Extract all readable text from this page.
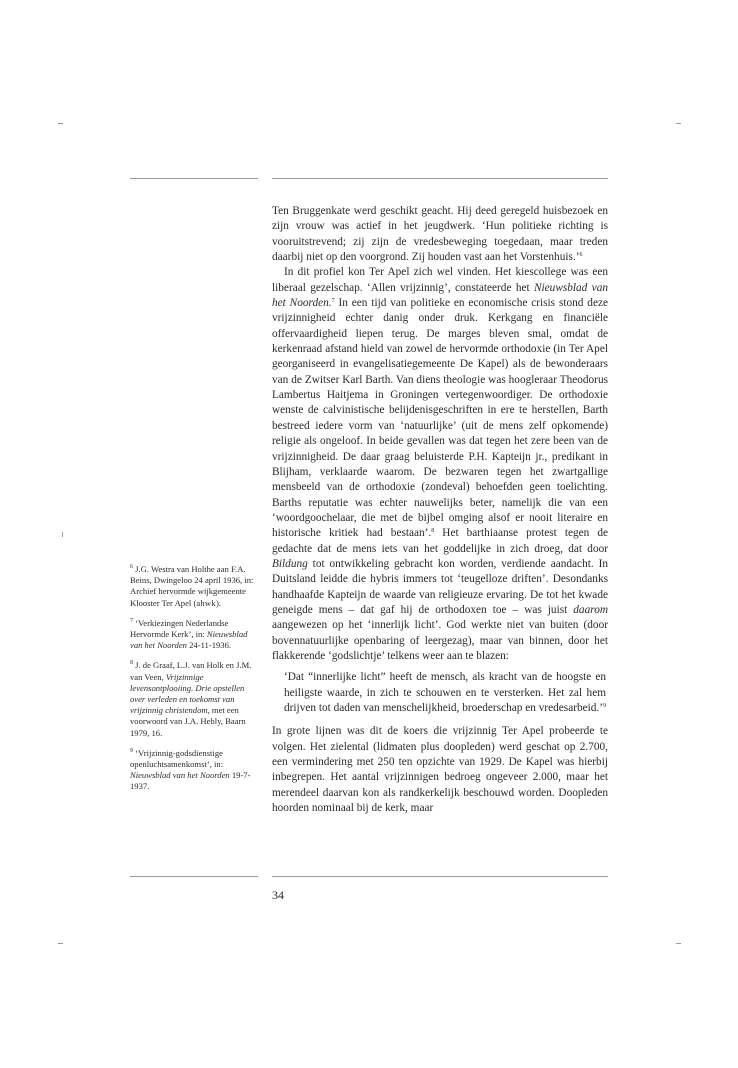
Ten Bruggenkate werd geschikt geacht. Hij deed geregeld huisbezoek en zijn vrouw was actief in het jeugdwerk. ‘Hun politieke richting is vooruitstrevend; zij zijn de vredesbeweging toegedaan, maar treden daarbij niet op den voorgrond. Zij houden vast aan het Vorstenhuis.’$^6$

In dit profiel kon Ter Apel zich wel vinden. Het kiescollege was een liberaal gezelschap. ‘Allen vrijzinnig’, constateerde het Nieuwsblad van het Noorden.$^7$ In een tijd van politieke en economische crisis stond deze vrijzinnigheid echter danig onder druk. Kerkgang en financiële offervaardigheid liepen terug. De marges bleven smal, omdat de kerkenraad afstand hield van zowel de hervormde orthodoxie (in Ter Apel georganiseerd in evangelisatiegemeente De Kapel) als de bewonderaars van de Zwitser Karl Barth. Van diens theologie was hoogleraar Theodorus Lambertus Haitjema in Groningen vertegenwoordiger. De orthodoxie wenste de calvinistische belijdenisgeschriften in ere te herstellen, Barth bestreed iedere vorm van ‘natuurlijke’ (uit de mens zelf opkomende) religie als ongeloof. In beide gevallen was dat tegen het zere been van de vrijzinnigheid. De daar graag beluisterde P.H. Kapteijn jr., predikant in Blijham, verklaarde waarom. De bezwaren tegen het zwartgallige mensbeeld van de orthodoxie (zondeval) behoefden geen toelichting. Barths reputatie was echter nauwelijks beter, namelijk die van een ‘woordgoochelaar, die met de bijbel omging alsof er nooit literaire en historische kritiek had bestaan’.$^8$ Het barthiaanse protest tegen de gedachte dat de mens iets van het goddelijke in zich droeg, dat door Bildung tot ontwikkeling gebracht kon worden, verdiende aandacht. In Duitsland leidde die hybris immers tot ‘teugelloze driften’. Desondanks handhaafde Kapteijn de waarde van religieuze ervaring. De tot het kwade geneigde mens – dat gaf hij de orthodoxen toe – was juist daarom aangewezen op het ‘innerlijk licht’. God werkte niet van buiten (door bovennatuurlijke openbaring of leergezag), maar van binnen, door het flakkerende ‘godslichtje’ telkens weer aan te blazen:

‘Dat “innerlijke licht” heeft de mensch, als kracht van de hoogste en heiligste waarde, in zich te schouwen en te versterken. Het zal hem drijven tot daden van menschelijkheid, broederschap en vredesarbeid.’$^9$

In grote lijnen was dit de koers die vrijzinnig Ter Apel probeerde te volgen. Het zielental (lidmaten plus doopleden) werd geschat op 2.700, een vermindering met 250 ten opzichte van 1929. De Kapel was hierbij inbegrepen. Het aantal vrijzinnigen bedroeg ongeveer 2.000, maar het merendeel daarvan kon als randkerkelijk beschouwd worden. Doopleden hoorden nominaal bij de kerk, maar

$^6$ J.G. Westra van Holthe aan F.A. Beins, Dwingeloo 24 april 1936, in: Archief hervormde wijkgemeente Klooster Ter Apel (ahwk).

$^7$ ‘Verkiezingen Nederlandse Hervormde Kerk’, in: Nieuwsblad van het Noorden 24-11-1936.

$^8$ J. de Graaf, L.J. van Holk en J.M. van Veen, Vrijzinnige levensontplooiing. Drie opstellen over verleden en toekomst van vrijzinnig christendom, met een voorwoord van J.A. Hebly, Baarn 1979, 16.

$^9$ ‘Vrijzinnig-godsdienstige openluchtsamenkomst’, in: Nieuwsblad van het Noorden 19-7-1937.

34
